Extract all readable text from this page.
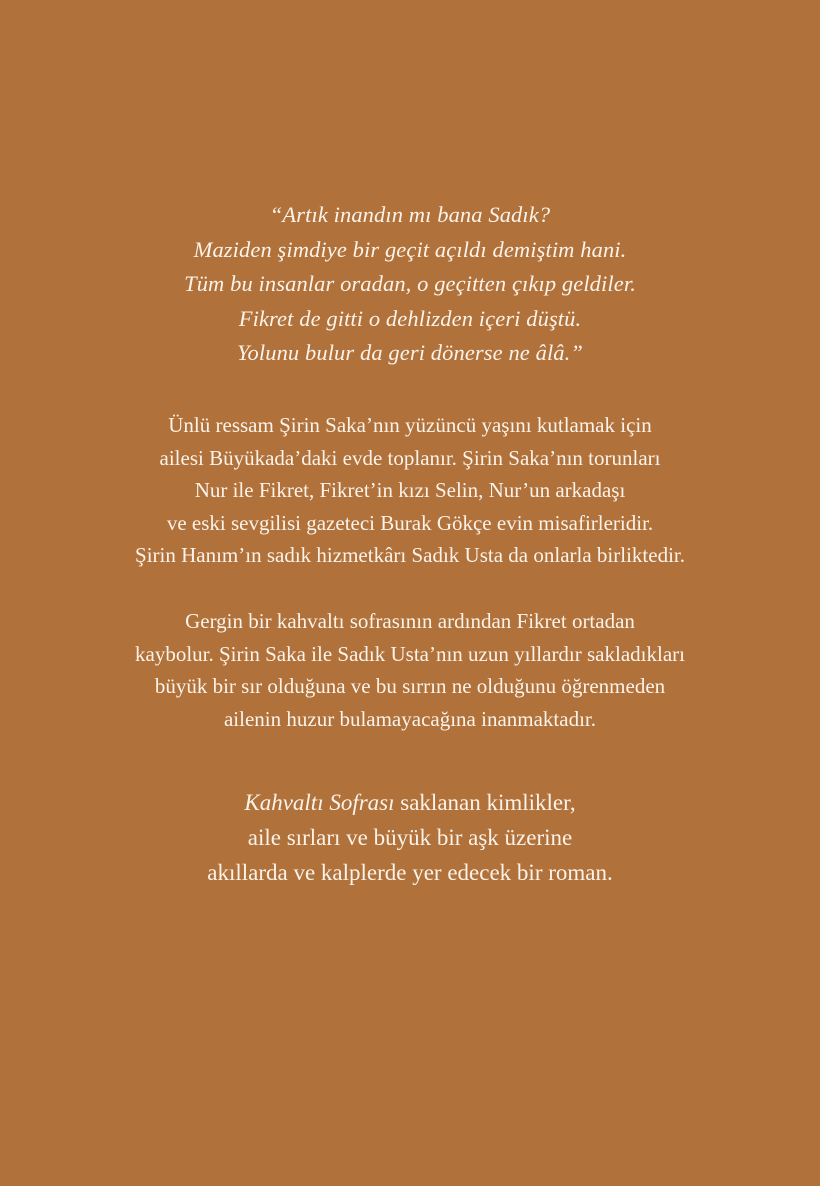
“Artık inandın mı bana Sadık?
Maziden şimdiye bir geçit açıldı demiştim hani.
Tüm bu insanlar oradan, o geçitten çıkıp geldiler.
Fikret de gitti o dehlizden içeri düştü.
Yolunu bulur da geri dönerse ne âlâ.”
Ünlü ressam Şirin Saka’nın yüzüncü yaşını kutlamak için
ailesi Büyükada’daki evde toplanır. Şirin Saka’nın torunları
Nur ile Fikret, Fikret’in kızı Selin, Nur’un arkadaşı
ve eski sevgilisi gazeteci Burak Gökçe evin misafirleridir.
Şirin Hanım’ın sadık hizmetkârı Sadık Usta da onlarla birliktedir.
Gergin bir kahvaltı sofrasının ardından Fikret ortadan
kaybolur. Şirin Saka ile Sadık Usta’nın uzun yıllardır sakladıkları
büyük bir sır olduğuna ve bu sırrın ne olduğunu öğrenmeden
ailenin huzur bulamayacağına inanmaktadır.
Kahvaltı Sofrası saklanan kimlikler,
aile sırları ve büyük bir aşk üzerine
akıllarda ve kalplerde yer edecek bir roman.
